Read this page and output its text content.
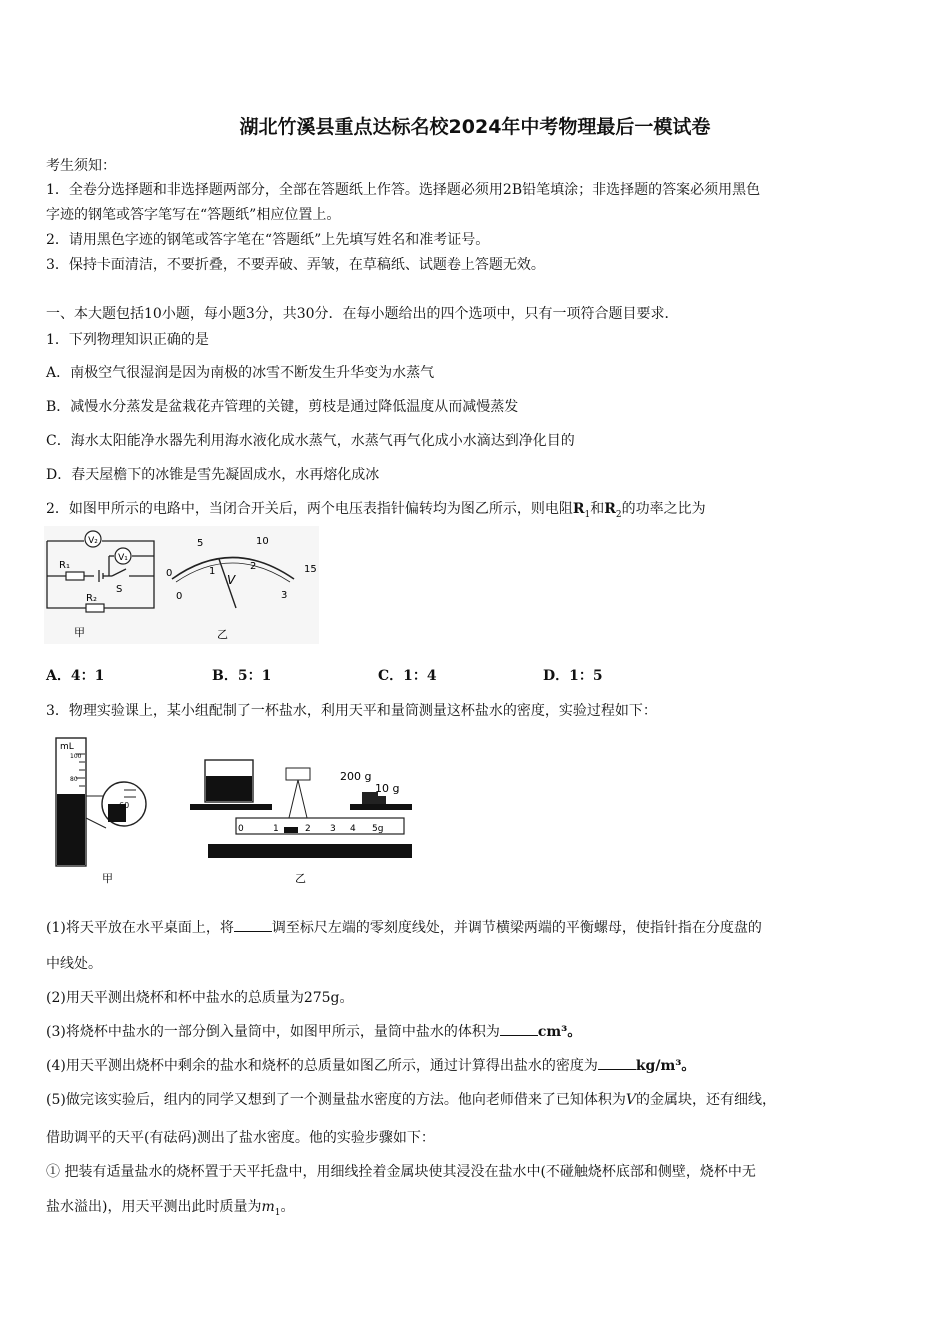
湖北竹溪县重点达标名校2024年中考物理最后一模试卷
考生须知：
1．全卷分选择题和非选择题两部分，全部在答题纸上作答。选择题必须用2B铅笔填涂；非选择题的答案必须用黑色
字迹的钢笔或答字笔写在“答题纸”相应位置上。
2．请用黑色字迹的钢笔或答字笔在“答题纸”上先填写姓名和准考证号。
3．保持卡面清洁，不要折叠，不要弄破、弄皱，在草稿纸、试题卷上答题无效。
一、本大题包括10小题，每小题3分，共30分．在每小题给出的四个选项中，只有一项符合题目要求．
1．下列物理知识正确的是
A．南极空气很湿润是因为南极的冰雪不断发生升华变为水蒸气
B．减慢水分蒸发是盆栽花卉管理的关键，剪枝是通过降低温度从而减慢蒸发
C．海水太阳能净水器先利用海水液化成水蒸气，水蒸气再气化成小水滴达到净化目的
D．春天屋檐下的冰锥是雪先凝固成水，水再熔化成冰
2．如图甲所示的电路中，当闭合开关后，两个电压表指针偏转均为图乙所示，则电阻$R_1$和$R_2$的功率之比为
V₂
V₁
R₁
S
R₂
甲
0
5	10
15
0
1	2
3
V
乙
A．4：1	B．5：1	C．1：4	D．1：5
3．物理实验课上，某小组配制了一杯盐水，利用天平和量筒测量这杯盐水的密度，实验过程如下：
mL
100
80
60
甲
0	1	2 3 4 5g
200 g
10 g
乙
(1)将天平放在水平桌面上，将	调至标尺左端的零刻度线处，并调节横梁两端的平衡螺母，使指针指在分度盘的
中线处。
(2)用天平测出烧杯和杯中盐水的总质量为275g。
(3)将烧杯中盐水的一部分倒入量筒中，如图甲所示，量筒中盐水的体积为	cm³。
(4)用天平测出烧杯中剩余的盐水和烧杯的总质量如图乙所示，通过计算得出盐水的密度为	kg/m³。
(5)做完该实验后，组内的同学又想到了一个测量盐水密度的方法。他向老师借来了已知体积为V的金属块，还有细线，
借助调平的天平(有砝码)测出了盐水密度。他的实验步骤如下：
① 把装有适量盐水的烧杯置于天平托盘中，用细线拴着金属块使其浸没在盐水中(不碰触烧杯底部和侧壁，烧杯中无
盐水溢出)，用天平测出此时质量为$m_1$。
